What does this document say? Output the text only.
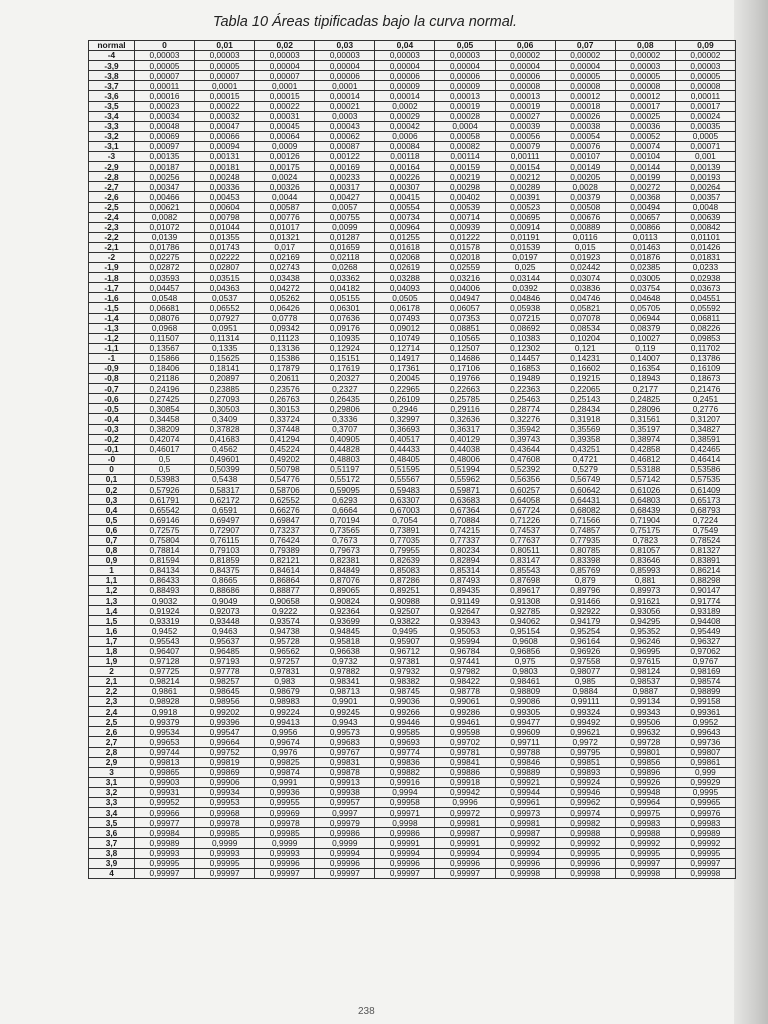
Tabla 10 Áreas tipificadas bajo la curva normal.
normal	0	0,01	0,02	0,03	0,04	0,05	0,06	0,07	0,08	0,09
-4	0,00003	0,00003	0,00003	0,00003	0,00003	0,00003	0,00002	0,00002	0,00002	0,00002
-3,9	0,00005	0,00005	0,00004	0,00004	0,00004	0,00004	0,00004	0,00004	0,00003	0,00003
-3,8	0,00007	0,00007	0,00007	0,00006	0,00006	0,00006	0,00006	0,00005	0,00005	0,00005
-3,7	0,00011	0,0001	0,0001	0,0001	0,00009	0,00009	0,00008	0,00008	0,00008	0,00008
-3,6	0,00016	0,00015	0,00015	0,00014	0,00014	0,00013	0,00013	0,00012	0,00012	0,00011
-3,5	0,00023	0,00022	0,00022	0,00021	0,0002	0,00019	0,00019	0,00018	0,00017	0,00017
-3,4	0,00034	0,00032	0,00031	0,0003	0,00029	0,00028	0,00027	0,00026	0,00025	0,00024
-3,3	0,00048	0,00047	0,00045	0,00043	0,00042	0,0004	0,00039	0,00038	0,00036	0,00035
-3,2	0,00069	0,00066	0,00064	0,00062	0,0006	0,00058	0,00056	0,00054	0,00052	0,0005
-3,1	0,00097	0,00094	0,0009	0,00087	0,00084	0,00082	0,00079	0,00076	0,00074	0,00071
-3	0,00135	0,00131	0,00126	0,00122	0,00118	0,00114	0,00111	0,00107	0,00104	0,001
-2,9	0,00187	0,00181	0,00175	0,00169	0,00164	0,00159	0,00154	0,00149	0,00144	0,00139
-2,8	0,00256	0,00248	0,0024	0,00233	0,00226	0,00219	0,00212	0,00205	0,00199	0,00193
-2,7	0,00347	0,00336	0,00326	0,00317	0,00307	0,00298	0,00289	0,0028	0,00272	0,00264
-2,6	0,00466	0,00453	0,0044	0,00427	0,00415	0,00402	0,00391	0,00379	0,00368	0,00357
-2,5	0,00621	0,00604	0,00587	0,0057	0,00554	0,00539	0,00523	0,00508	0,00494	0,0048
-2,4	0,0082	0,00798	0,00776	0,00755	0,00734	0,00714	0,00695	0,00676	0,00657	0,00639
-2,3	0,01072	0,01044	0,01017	0,0099	0,00964	0,00939	0,00914	0,00889	0,00866	0,00842
-2,2	0,0139	0,01355	0,01321	0,01287	0,01255	0,01222	0,01191	0,0116	0,0113	0,01101
-2,1	0,01786	0,01743	0,017	0,01659	0,01618	0,01578	0,01539	0,015	0,01463	0,01426
-2	0,02275	0,02222	0,02169	0,02118	0,02068	0,02018	0,0197	0,01923	0,01876	0,01831
-1,9	0,02872	0,02807	0,02743	0,0268	0,02619	0,02559	0,025	0,02442	0,02385	0,0233
-1,8	0,03593	0,03515	0,03438	0,03362	0,03288	0,03216	0,03144	0,03074	0,03005	0,02938
-1,7	0,04457	0,04363	0,04272	0,04182	0,04093	0,04006	0,0392	0,03836	0,03754	0,03673
-1,6	0,0548	0,0537	0,05262	0,05155	0,0505	0,04947	0,04846	0,04746	0,04648	0,04551
-1,5	0,06681	0,06552	0,06426	0,06301	0,06178	0,06057	0,05938	0,05821	0,05705	0,05592
-1,4	0,08076	0,07927	0,0778	0,07636	0,07493	0,07353	0,07215	0,07078	0,06944	0,06811
-1,3	0,0968	0,0951	0,09342	0,09176	0,09012	0,08851	0,08692	0,08534	0,08379	0,08226
-1,2	0,11507	0,11314	0,11123	0,10935	0,10749	0,10565	0,10383	0,10204	0,10027	0,09853
-1,1	0,13567	0,1335	0,13136	0,12924	0,12714	0,12507	0,12302	0,121	0,119	0,11702
-1	0,15866	0,15625	0,15386	0,15151	0,14917	0,14686	0,14457	0,14231	0,14007	0,13786
-0,9	0,18406	0,18141	0,17879	0,17619	0,17361	0,17106	0,16853	0,16602	0,16354	0,16109
-0,8	0,21186	0,20897	0,20611	0,20327	0,20045	0,19766	0,19489	0,19215	0,18943	0,18673
-0,7	0,24196	0,23885	0,23576	0,2327	0,22965	0,22663	0,22363	0,22065	0,2177	0,21476
-0,6	0,27425	0,27093	0,26763	0,26435	0,26109	0,25785	0,25463	0,25143	0,24825	0,2451
-0,5	0,30854	0,30503	0,30153	0,29806	0,2946	0,29116	0,28774	0,28434	0,28096	0,2776
-0,4	0,34458	0,3409	0,33724	0,3336	0,32997	0,32636	0,32276	0,31918	0,31561	0,31207
-0,3	0,38209	0,37828	0,37448	0,3707	0,36693	0,36317	0,35942	0,35569	0,35197	0,34827
-0,2	0,42074	0,41683	0,41294	0,40905	0,40517	0,40129	0,39743	0,39358	0,38974	0,38591
-0,1	0,46017	0,4562	0,45224	0,44828	0,44433	0,44038	0,43644	0,43251	0,42858	0,42465
-0	0,5	0,49601	0,49202	0,48803	0,48405	0,48006	0,47608	0,4721	0,46812	0,46414
0	0,5	0,50399	0,50798	0,51197	0,51595	0,51994	0,52392	0,5279	0,53188	0,53586
0,1	0,53983	0,5438	0,54776	0,55172	0,55567	0,55962	0,56356	0,56749	0,57142	0,57535
0,2	0,57926	0,58317	0,58706	0,59095	0,59483	0,59871	0,60257	0,60642	0,61026	0,61409
0,3	0,61791	0,62172	0,62552	0,6293	0,63307	0,63683	0,64058	0,64431	0,64803	0,65173
0,4	0,65542	0,6591	0,66276	0,6664	0,67003	0,67364	0,67724	0,68082	0,68439	0,68793
0,5	0,69146	0,69497	0,69847	0,70194	0,7054	0,70884	0,71226	0,71566	0,71904	0,7224
0,6	0,72575	0,72907	0,73237	0,73565	0,73891	0,74215	0,74537	0,74857	0,75175	0,7549
0,7	0,75804	0,76115	0,76424	0,7673	0,77035	0,77337	0,77637	0,77935	0,7823	0,78524
0,8	0,78814	0,79103	0,79389	0,79673	0,79955	0,80234	0,80511	0,80785	0,81057	0,81327
0,9	0,81594	0,81859	0,82121	0,82381	0,82639	0,82894	0,83147	0,83398	0,83646	0,83891
1	0,84134	0,84375	0,84614	0,84849	0,85083	0,85314	0,85543	0,85769	0,85993	0,86214
1,1	0,86433	0,8665	0,86864	0,87076	0,87286	0,87493	0,87698	0,879	0,881	0,88298
1,2	0,88493	0,88686	0,88877	0,89065	0,89251	0,89435	0,89617	0,89796	0,89973	0,90147
1,3	0,9032	0,9049	0,90658	0,90824	0,90988	0,91149	0,91308	0,91466	0,91621	0,91774
1,4	0,91924	0,92073	0,9222	0,92364	0,92507	0,92647	0,92785	0,92922	0,93056	0,93189
1,5	0,93319	0,93448	0,93574	0,93699	0,93822	0,93943	0,94062	0,94179	0,94295	0,94408
1,6	0,9452	0,9463	0,94738	0,94845	0,9495	0,95053	0,95154	0,95254	0,95352	0,95449
1,7	0,95543	0,95637	0,95728	0,95818	0,95907	0,95994	0,9608	0,96164	0,96246	0,96327
1,8	0,96407	0,96485	0,96562	0,96638	0,96712	0,96784	0,96856	0,96926	0,96995	0,97062
1,9	0,97128	0,97193	0,97257	0,9732	0,97381	0,97441	0,975	0,97558	0,97615	0,9767
2	0,97725	0,97778	0,97831	0,97882	0,97932	0,97982	0,9803	0,98077	0,98124	0,98169
2,1	0,98214	0,98257	0,983	0,98341	0,98382	0,98422	0,98461	0,985	0,98537	0,98574
2,2	0,9861	0,98645	0,98679	0,98713	0,98745	0,98778	0,98809	0,9884	0,9887	0,98899
2,3	0,98928	0,98956	0,98983	0,9901	0,99036	0,99061	0,99086	0,99111	0,99134	0,99158
2,4	0,9918	0,99202	0,99224	0,99245	0,99266	0,99286	0,99305	0,99324	0,99343	0,99361
2,5	0,99379	0,99396	0,99413	0,9943	0,99446	0,99461	0,99477	0,99492	0,99506	0,9952
2,6	0,99534	0,99547	0,9956	0,99573	0,99585	0,99598	0,99609	0,99621	0,99632	0,99643
2,7	0,99653	0,99664	0,99674	0,99683	0,99693	0,99702	0,99711	0,9972	0,99728	0,99736
2,8	0,99744	0,99752	0,9976	0,99767	0,99774	0,99781	0,99788	0,99795	0,99801	0,99807
2,9	0,99813	0,99819	0,99825	0,99831	0,99836	0,99841	0,99846	0,99851	0,99856	0,99861
3	0,99865	0,99869	0,99874	0,99878	0,99882	0,99886	0,99889	0,99893	0,99896	0,999
3,1	0,99903	0,99906	0,9991	0,99913	0,99916	0,99918	0,99921	0,99924	0,99926	0,99929
3,2	0,99931	0,99934	0,99936	0,99938	0,9994	0,99942	0,99944	0,99946	0,99948	0,9995
3,3	0,99952	0,99953	0,99955	0,99957	0,99958	0,9996	0,99961	0,99962	0,99964	0,99965
3,4	0,99966	0,99968	0,99969	0,9997	0,99971	0,99972	0,99973	0,99974	0,99975	0,99976
3,5	0,99977	0,99978	0,99978	0,99979	0,9998	0,99981	0,99981	0,99982	0,99983	0,99983
3,6	0,99984	0,99985	0,99985	0,99986	0,99986	0,99987	0,99987	0,99988	0,99988	0,99989
3,7	0,99989	0,9999	0,9999	0,9999	0,99991	0,99991	0,99992	0,99992	0,99992	0,99992
3,8	0,99993	0,99993	0,99993	0,99994	0,99994	0,99994	0,99994	0,99995	0,99995	0,99995
3,9	0,99995	0,99995	0,99996	0,99996	0,99996	0,99996	0,99996	0,99996	0,99997	0,99997
4	0,99997	0,99997	0,99997	0,99997	0,99997	0,99997	0,99998	0,99998	0,99998	0,99998
238
